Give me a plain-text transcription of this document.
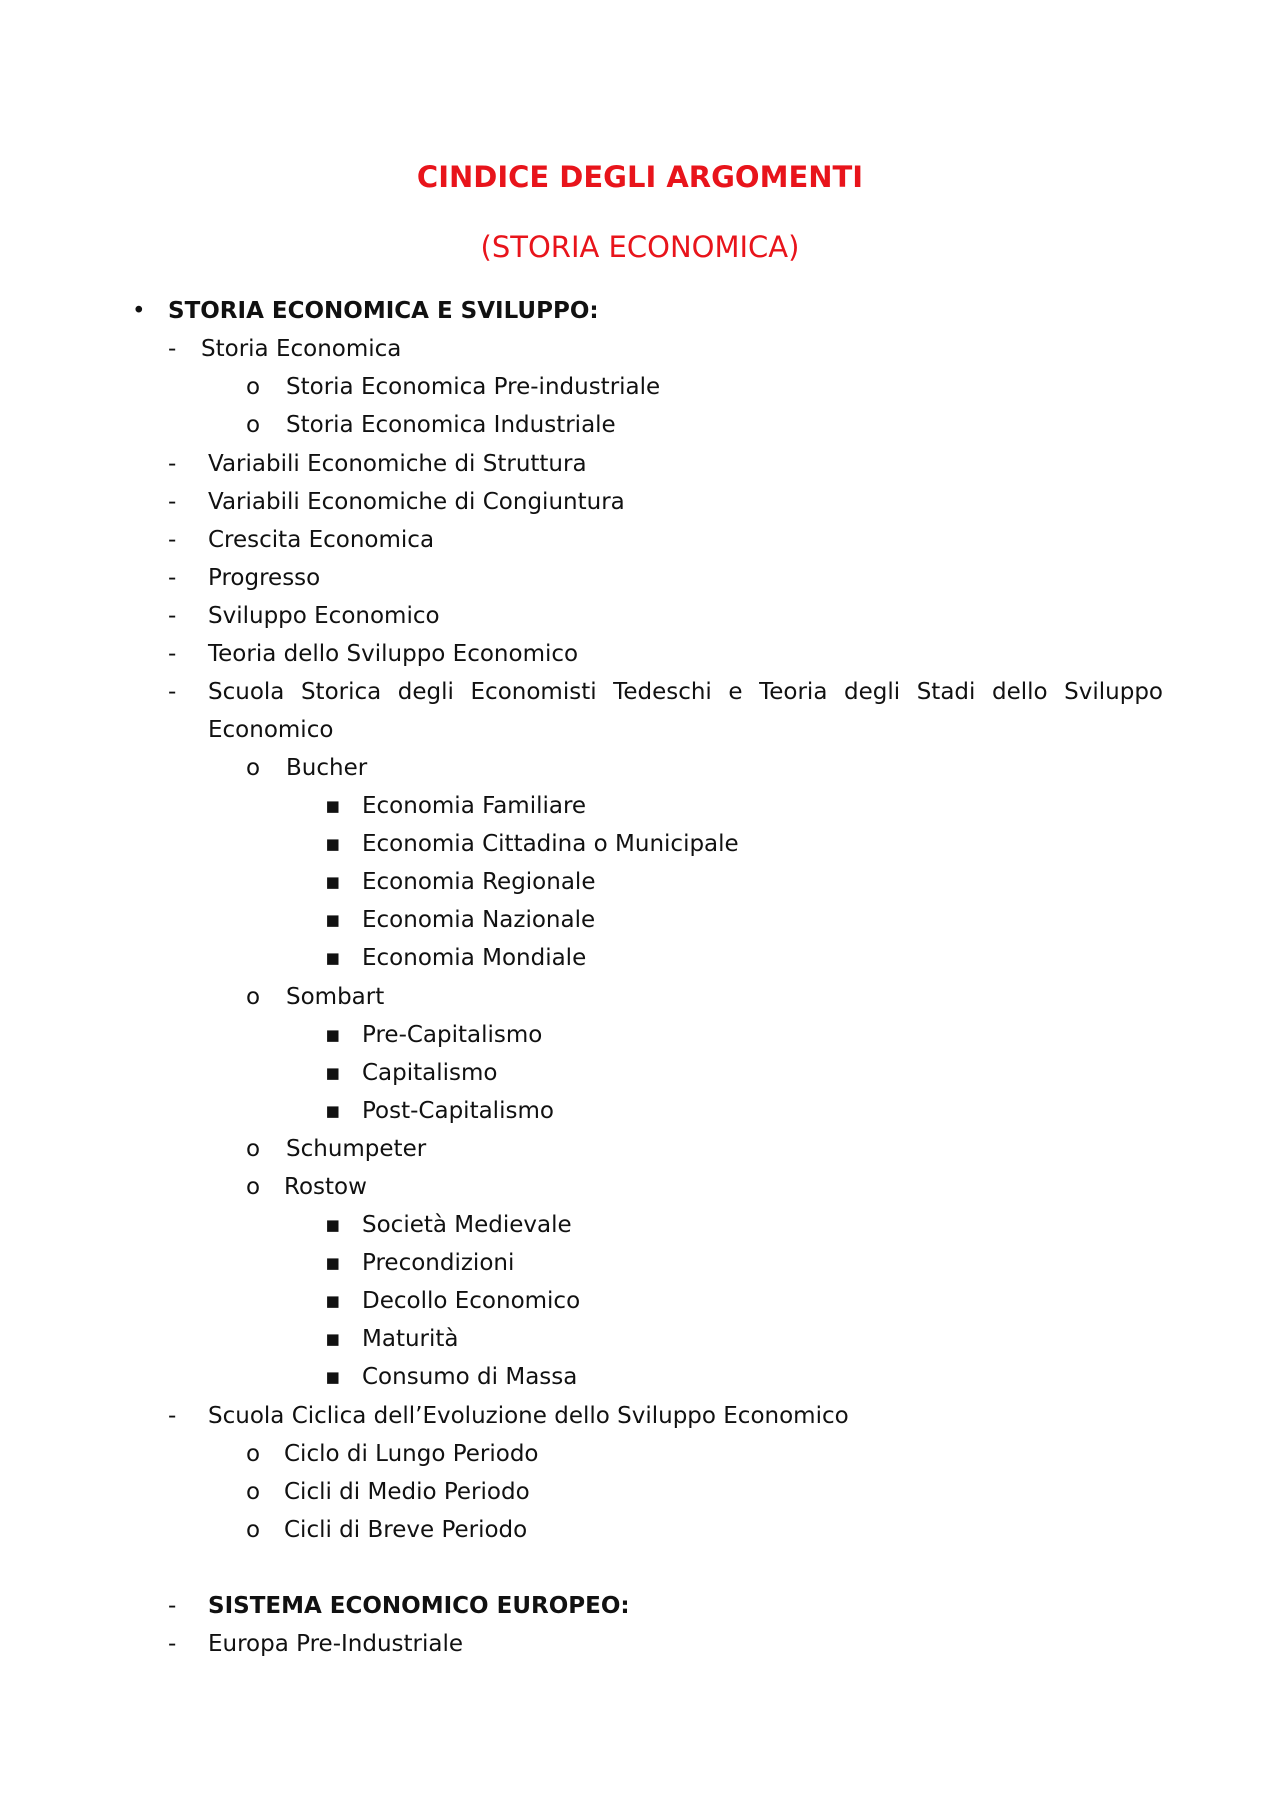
CINDICE DEGLI ARGOMENTI
(STORIA ECONOMICA)
• STORIA ECONOMICA E SVILUPPO:
- Storia Economica
o Storia Economica Pre-industriale
o Storia Economica Industriale
- Variabili Economiche di Struttura
- Variabili Economiche di Congiuntura
- Crescita Economica
- Progresso
- Sviluppo Economico
- Teoria dello Sviluppo Economico
- Scuola Storica degli Economisti Tedeschi e Teoria degli Stadi dello Sviluppo
Economico
o Bucher
▪ Economia Familiare
▪ Economia Cittadina o Municipale
▪ Economia Regionale
▪ Economia Nazionale
▪ Economia Mondiale
o Sombart
▪ Pre-Capitalismo
▪ Capitalismo
▪ Post-Capitalismo
o Schumpeter
o Rostow
▪ Società Medievale
▪ Precondizioni
▪ Decollo Economico
▪ Maturità
▪ Consumo di Massa
- Scuola Ciclica dell’Evoluzione dello Sviluppo Economico
o Ciclo di Lungo Periodo
o Cicli di Medio Periodo
o Cicli di Breve Periodo
- SISTEMA ECONOMICO EUROPEO:
- Europa Pre-Industriale
